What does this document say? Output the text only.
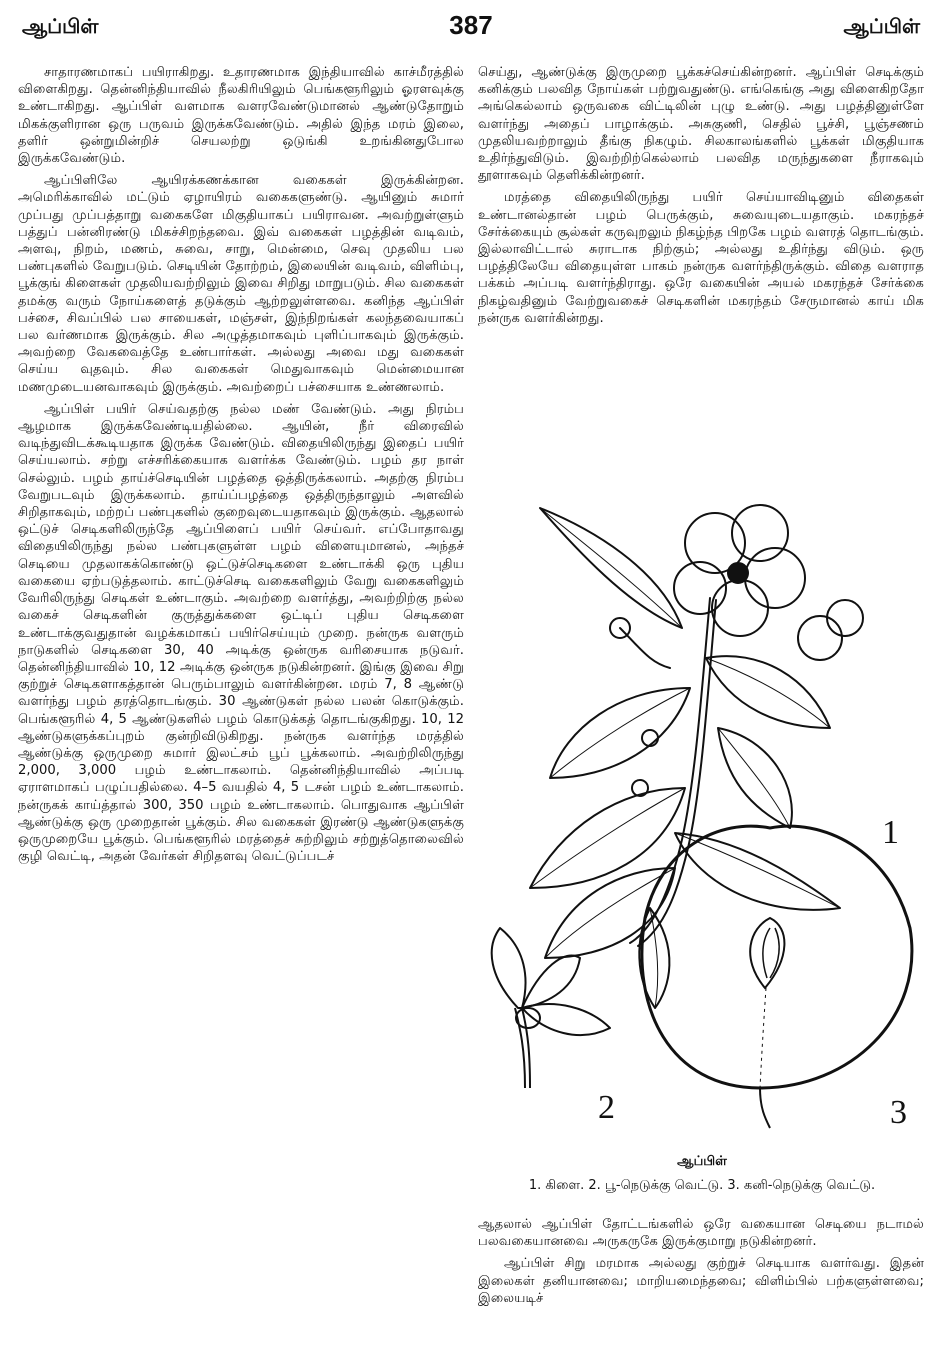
ஆப்பிள்	387	ஆப்பிள்

சாதாரணமாகப் பயிராகிறது. உதாரணமாக இந்தியாவில் காச்மீரத்தில் விளைகிறது. தென்னிந்தியாவில் நீலகிரியிலும் பெங்களூரிலும் ஓரளவுக்கு உண்டாகிறது. ஆப்பிள் வளமாக வளரவேண்டுமானல் ஆண்டுதோறும் மிகக்குளிரான ஒரு பருவம் இருக்கவேண்டும். அதில் இந்த மரம் இலை, தளிர் ஒன்றுமின்றிச் செயலற்று ஒடுங்கி உறங்கினதுபோல இருக்கவேண்டும்.

ஆப்பிளிலே ஆயிரக்கணக்கான வகைகள் இருக்கின்றன. அமெரிக்காவில் மட்டும் ஏழாயிரம் வகைகளுண்டு. ஆயினும் சுமார் முப்பது முப்பத்தாறு வகைகளே மிகுதியாகப் பயிராவன. அவற்றுள்ளும் பத்துப் பன்னிரண்டு மிகச்சிறந்தவை. இவ் வகைகள் பழத்தின் வடிவம், அளவு, நிறம், மணம், சுவை, சாறு, மென்மை, செவு முதலிய பல பண்புகளில் வேறுபடும். செடியின் தோற்றம், இலையின் வடிவம், விளிம்பு, பூக்குங் கிளைகள் முதலியவற்றிலும் இவை சிறிது மாறுபடும். சில வகைகள் தமக்கு வரும் நோய்களைத் தடுக்கும் ஆற்றலுள்ளவை. கனிந்த ஆப்பிள் பச்சை, சிவப்பில் பல சாயைகள், மஞ்சள், இந்நிறங்கள் கலந்தவையாகப் பல வர்ணமாக இருக்கும். சில அழுத்தமாகவும் புளிப்பாகவும் இருக்கும். அவற்றை வேகவைத்தே உண்பார்கள். அல்லது அவை மது வகைகள் செய்ய வுதவும். சில வகைகள் மெதுவாகவும் மென்மையான மணமுடையனவாகவும் இருக்கும். அவற்றைப் பச்சையாக உண்ணலாம்.

ஆப்பிள் பயிர் செய்வதற்கு நல்ல மண் வேண்டும். அது நிரம்ப ஆழமாக இருக்கவேண்டியதில்லை. ஆயின், நீர் விரைவில் வடிந்துவிடக்கூடியதாக இருக்க வேண்டும். விதையிலிருந்து இதைப் பயிர் செய்யலாம். சற்று எச்சரிக்கையாக வளர்க்க வேண்டும். பழம் தர நாள் செல்லும். பழம் தாய்ச்செடியின் பழத்தை ஒத்திருக்கலாம். அதற்கு நிரம்ப வேறுபடவும் இருக்கலாம். தாய்ப்பழத்தை ஒத்திருந்தாலும் அளவில் சிறிதாகவும், மற்றப் பண்புகளில் குறைவுடையதாகவும் இருக்கும். ஆதலால் ஒட்டுச் செடிகளிலிருந்தே ஆப்பிளைப் பயிர் செய்வர். எப்போதாவது விதையிலிருந்து நல்ல பண்புகளுள்ள பழம் விளையுமானல், அந்தச் செடியை முதலாகக்கொண்டு ஒட்டுச்செடிகளை உண்டாக்கி ஒரு புதிய வகையை ஏற்படுத்தலாம். காட்டுச்செடி வகைகளிலும் வேறு வகைகளிலும் வேரிலிருந்து செடிகள் உண்டாகும். அவற்றை வளர்த்து, அவற்றிற்கு நல்ல வகைச் செடிகளின் குருத்துக்களை ஒட்டிப் புதிய செடிகளை உண்டாக்குவதுதான் வழக்கமாகப் பயிர்செய்யும் முறை. நன்ருக வளரும் நாடுகளில் செடிகளை 30, 40 அடிக்கு ஒன்ருக வரிசையாக நடுவர். தென்னிந்தியாவில் 10, 12 அடிக்கு ஒன்ருக நடுகின்றனர். இங்கு இவை சிறு குற்றுச் செடிகளாகத்தான் பெரும்பாலும் வளர்கின்றன. மரம் 7, 8 ஆண்டு வளர்ந்து பழம் தரத்தொடங்கும். 30 ஆண்டுகள் நல்ல பலன் கொடுக்கும். பெங்களூரில் 4, 5 ஆண்டுகளில் பழம் கொடுக்கத் தொடங்குகிறது. 10, 12 ஆண்டுகளுக்கப்புறம் குன்றிவிடுகிறது. நன்ருக வளர்ந்த மரத்தில் ஆண்டுக்கு ஒருமுறை சுமார் இலட்சம் பூப் பூக்கலாம். அவற்றிலிருந்து 2,000, 3,000 பழம் உண்டாகலாம். தென்னிந்தியாவில் அப்படி ஏராளமாகப் பழுப்பதில்லை. 4–5 வயதில் 4, 5 டசன் பழம் உண்டாகலாம். நன்ருகக் காய்த்தால் 300, 350 பழம் உண்டாகலாம். பொதுவாக ஆப்பிள் ஆண்டுக்கு ஒரு முறைதான் பூக்கும். சில வகைகள் இரண்டு ஆண்டுகளுக்கு ஒருமுறையே பூக்கும். பெங்களூரில் மரத்தைச் சுற்றிலும் சற்றுத்தொலைவில் குழி வெட்டி, அதன் வேர்கள் சிறிதளவு வெட்டுப்படச்

செய்து, ஆண்டுக்கு இருமுறை பூக்கச்செய்கின்றனர். ஆப்பிள் செடிக்கும் கனிக்கும் பலவித நோய்கள் பற்றுவதுண்டு. எங்கெங்கு அது விளைகிறதோ அங்கெல்லாம் ஒருவகை விட்டிலின் புழு உண்டு. அது பழத்தினுள்ளே வளர்ந்து அதைப் பாழாக்கும். அசுகுணி, செதில் பூச்சி, பூஞ்சணம் முதலியவற்றாலும் தீங்கு நிகழும். சிலகாலங்களில் பூக்கள் மிகுதியாக உதிர்ந்துவிடும். இவற்றிற்கெல்லாம் பலவித மருந்துகளை நீராகவும் தூளாகவும் தெளிக்கின்றனர்.

மரத்தை விதையிலிருந்து பயிர் செய்யாவிடினும் விதைகள் உண்டானல்தான் பழம் பெருக்கும், சுவையுடையதாகும். மகரந்தச் சேர்க்கையும் சூல்கள் கருவுறலும் நிகழ்ந்த பிறகே பழம் வளரத் தொடங்கும். இல்லாவிட்டால் சுராடாக நிற்கும்; அல்லது உதிர்ந்து விடும். ஒரு பழத்திலேயே விதையுள்ள பாகம் நன்ருக வளர்ந்திருக்கும். விதை வளராத பக்கம் அப்படி வளர்ந்திராது. ஒரே வகையின் அயல் மகரந்தச் சேர்க்கை நிகழ்வதினும் வேற்றுவகைச் செடிகளின் மகரந்தம் சேருமானல் காய் மிக நன்ருக வளர்கின்றது.

1
2	3
ஆப்பிள்
1. கிளை. 2. பூ-நெடுக்கு வெட்டு. 3. கனி-நெடுக்கு வெட்டு.

ஆதலால் ஆப்பிள் தோட்டங்களில் ஒரே வகையான செடியை நடாமல் பலவகையானவை அருகருகே இருக்குமாறு நடுகின்றனர்.

ஆப்பிள் சிறு மரமாக அல்லது குற்றுச் செடியாக வளர்வது. இதன் இலைகள் தனியானவை; மாறியமைந்தவை; விளிம்பில் பற்களுள்ளவை; இலையடிச்
